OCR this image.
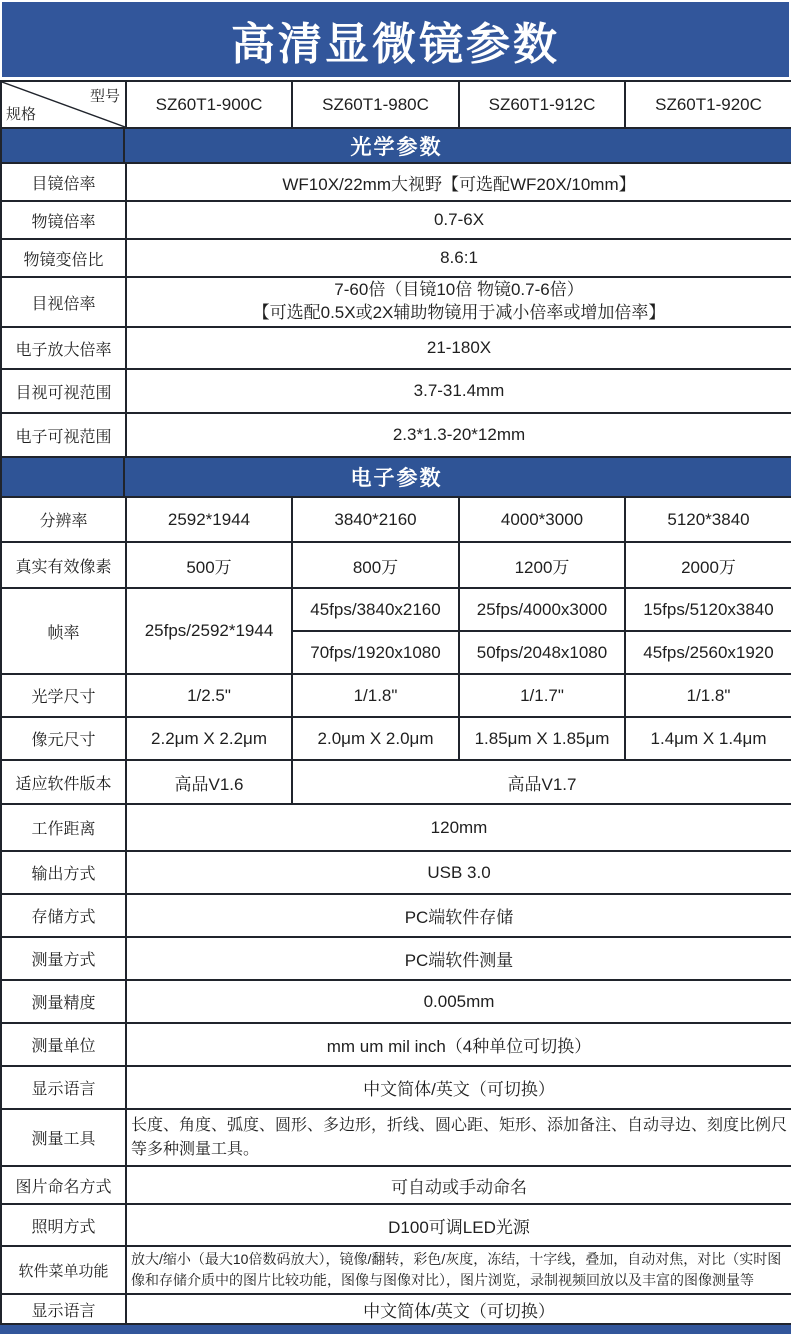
高清显微镜参数
型号
规格	SZ60T1-900C	SZ60T1-980C	SZ60T1-912C	SZ60T1-920C

光学参数				
目镜倍率	WF10X/22mm大视野【可选配WF20X/10mm】			
物镜倍率	0.7-6X			
物镜变倍比	8.6:1			
目视倍率	7-60倍（目镜10倍 物镜0.7-6倍）
【可选配0.5X或2X辅助物镜用于减小倍率或增加倍率】			

电子放大倍率	21-180X			
目视可视范围	3.7-31.4mm			
电子可视范围	2.3*1.3-20*12mm			

电子参数				
分辨率	2592*1944	3840*2160	4000*3000	5120*3840
真实有效像素	500万	800万	1200万	2000万
帧率	25fps/2592*1944	45fps/3840x2160	25fps/4000x3000	15fps/5120x3840
		70fps/1920x1080	50fps/2048x1080	45fps/2560x1920
光学尺寸	1/2.5"	1/1.8"	1/1.7"	1/1.8"
像元尺寸	2.2μm X 2.2μm	2.0μm X 2.0μm	1.85μm X 1.85μm	1.4μm X 1.4μm
适应软件版本	高品V1.6	高品V1.7		
工作距离	120mm			
输出方式	USB 3.0			
存储方式	PC端软件存储			
测量方式	PC端软件测量			
测量精度	0.005mm			
测量单位	mm um mil inch（4种单位可切换）			
显示语言	中文简体/英文（可切换）			
测量工具	长度、角度、弧度、圆形、多边形，折线、圆心距、矩形、添加备注、自动寻边、刻度比例尺等多种测量工具。			
图片命名方式	可自动或手动命名			
照明方式	D100可调LED光源			
软件菜单功能	放大/缩小（最大10倍数码放大），镜像/翻转，彩色/灰度，冻结，十字线，叠加，自动对焦，对比（实时图像和存储介质中的图片比较功能，图像与图像对比），图片浏览，录制视频回放以及丰富的图像测量等			
显示语言	中文简体/英文（可切换）			
